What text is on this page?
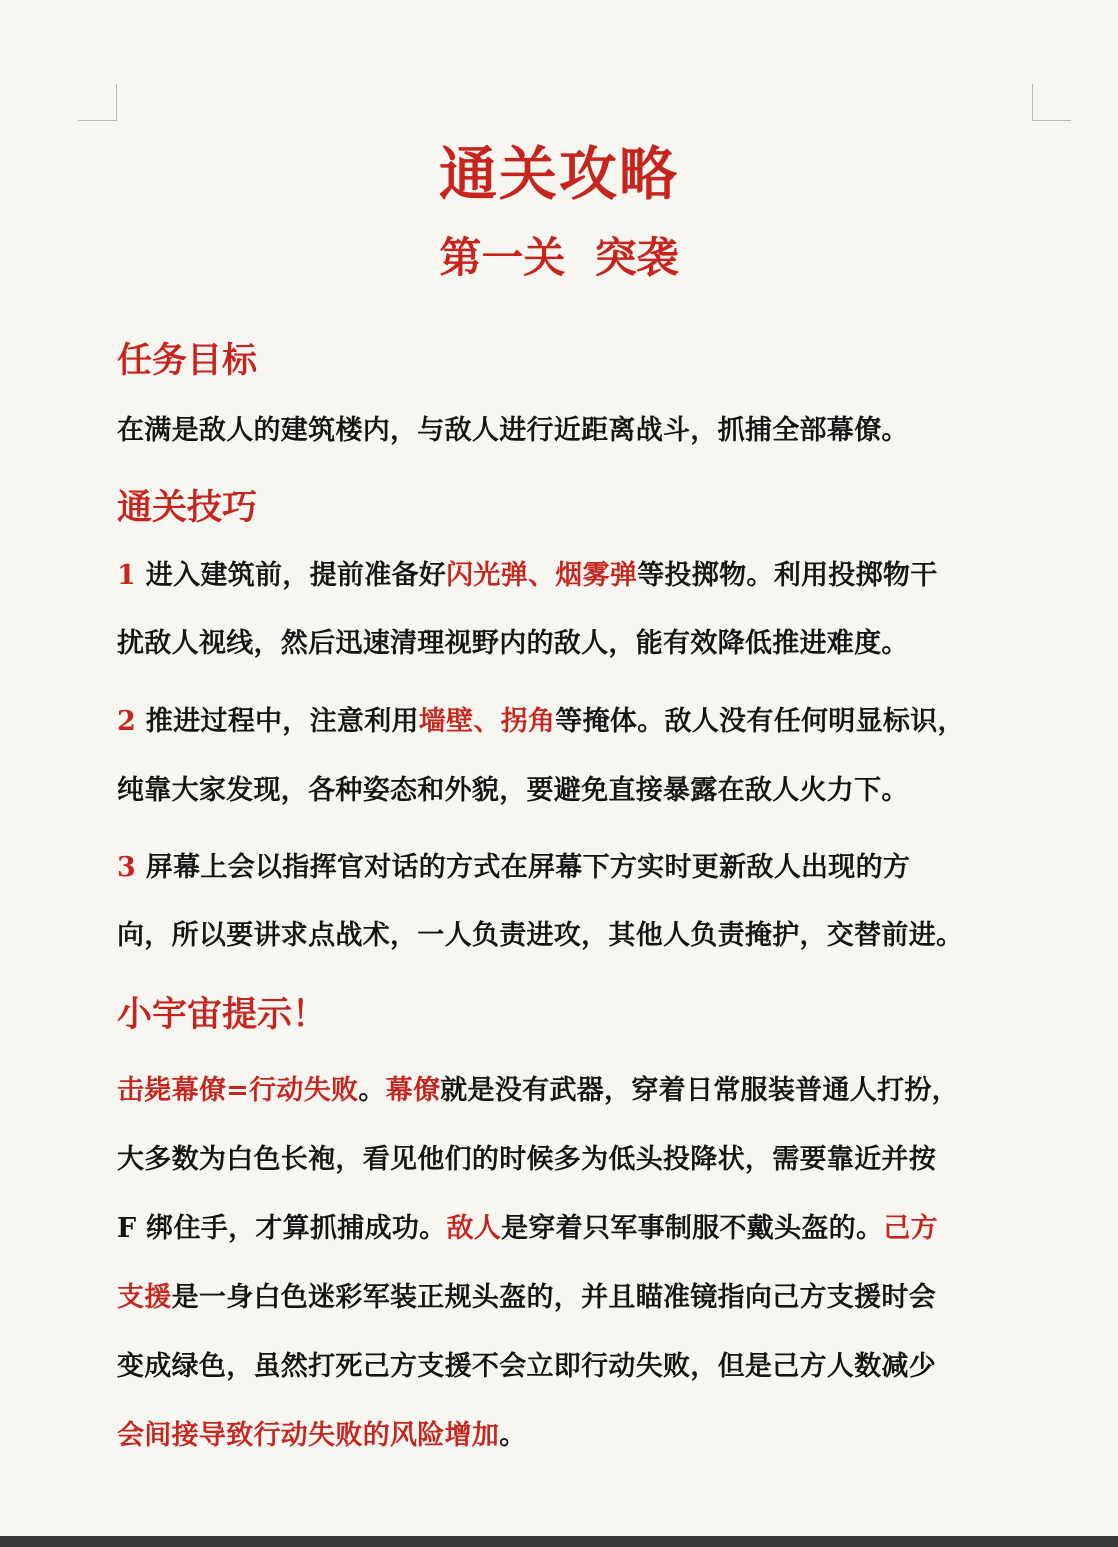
通关攻略
第一关  突袭
任务目标
在满是敌人的建筑楼内，与敌人进行近距离战斗，抓捕全部幕僚。
通关技巧
1 进入建筑前，提前准备好闪光弹、烟雾弹等投掷物。利用投掷物干
扰敌人视线，然后迅速清理视野内的敌人，能有效降低推进难度。
2 推进过程中，注意利用墙壁、拐角等掩体。敌人没有任何明显标识，
纯靠大家发现，各种姿态和外貌，要避免直接暴露在敌人火力下。
3 屏幕上会以指挥官对话的方式在屏幕下方实时更新敌人出现的方
向，所以要讲求点战术，一人负责进攻，其他人负责掩护，交替前进。
小宇宙提示！
击毙幕僚=行动失败。幕僚就是没有武器，穿着日常服装普通人打扮，
大多数为白色长袍，看见他们的时候多为低头投降状，需要靠近并按
F 绑住手，才算抓捕成功。敌人是穿着只军事制服不戴头盔的。己方
支援是一身白色迷彩军装正规头盔的，并且瞄准镜指向己方支援时会
变成绿色，虽然打死己方支援不会立即行动失败，但是己方人数减少
会间接导致行动失败的风险增加。
